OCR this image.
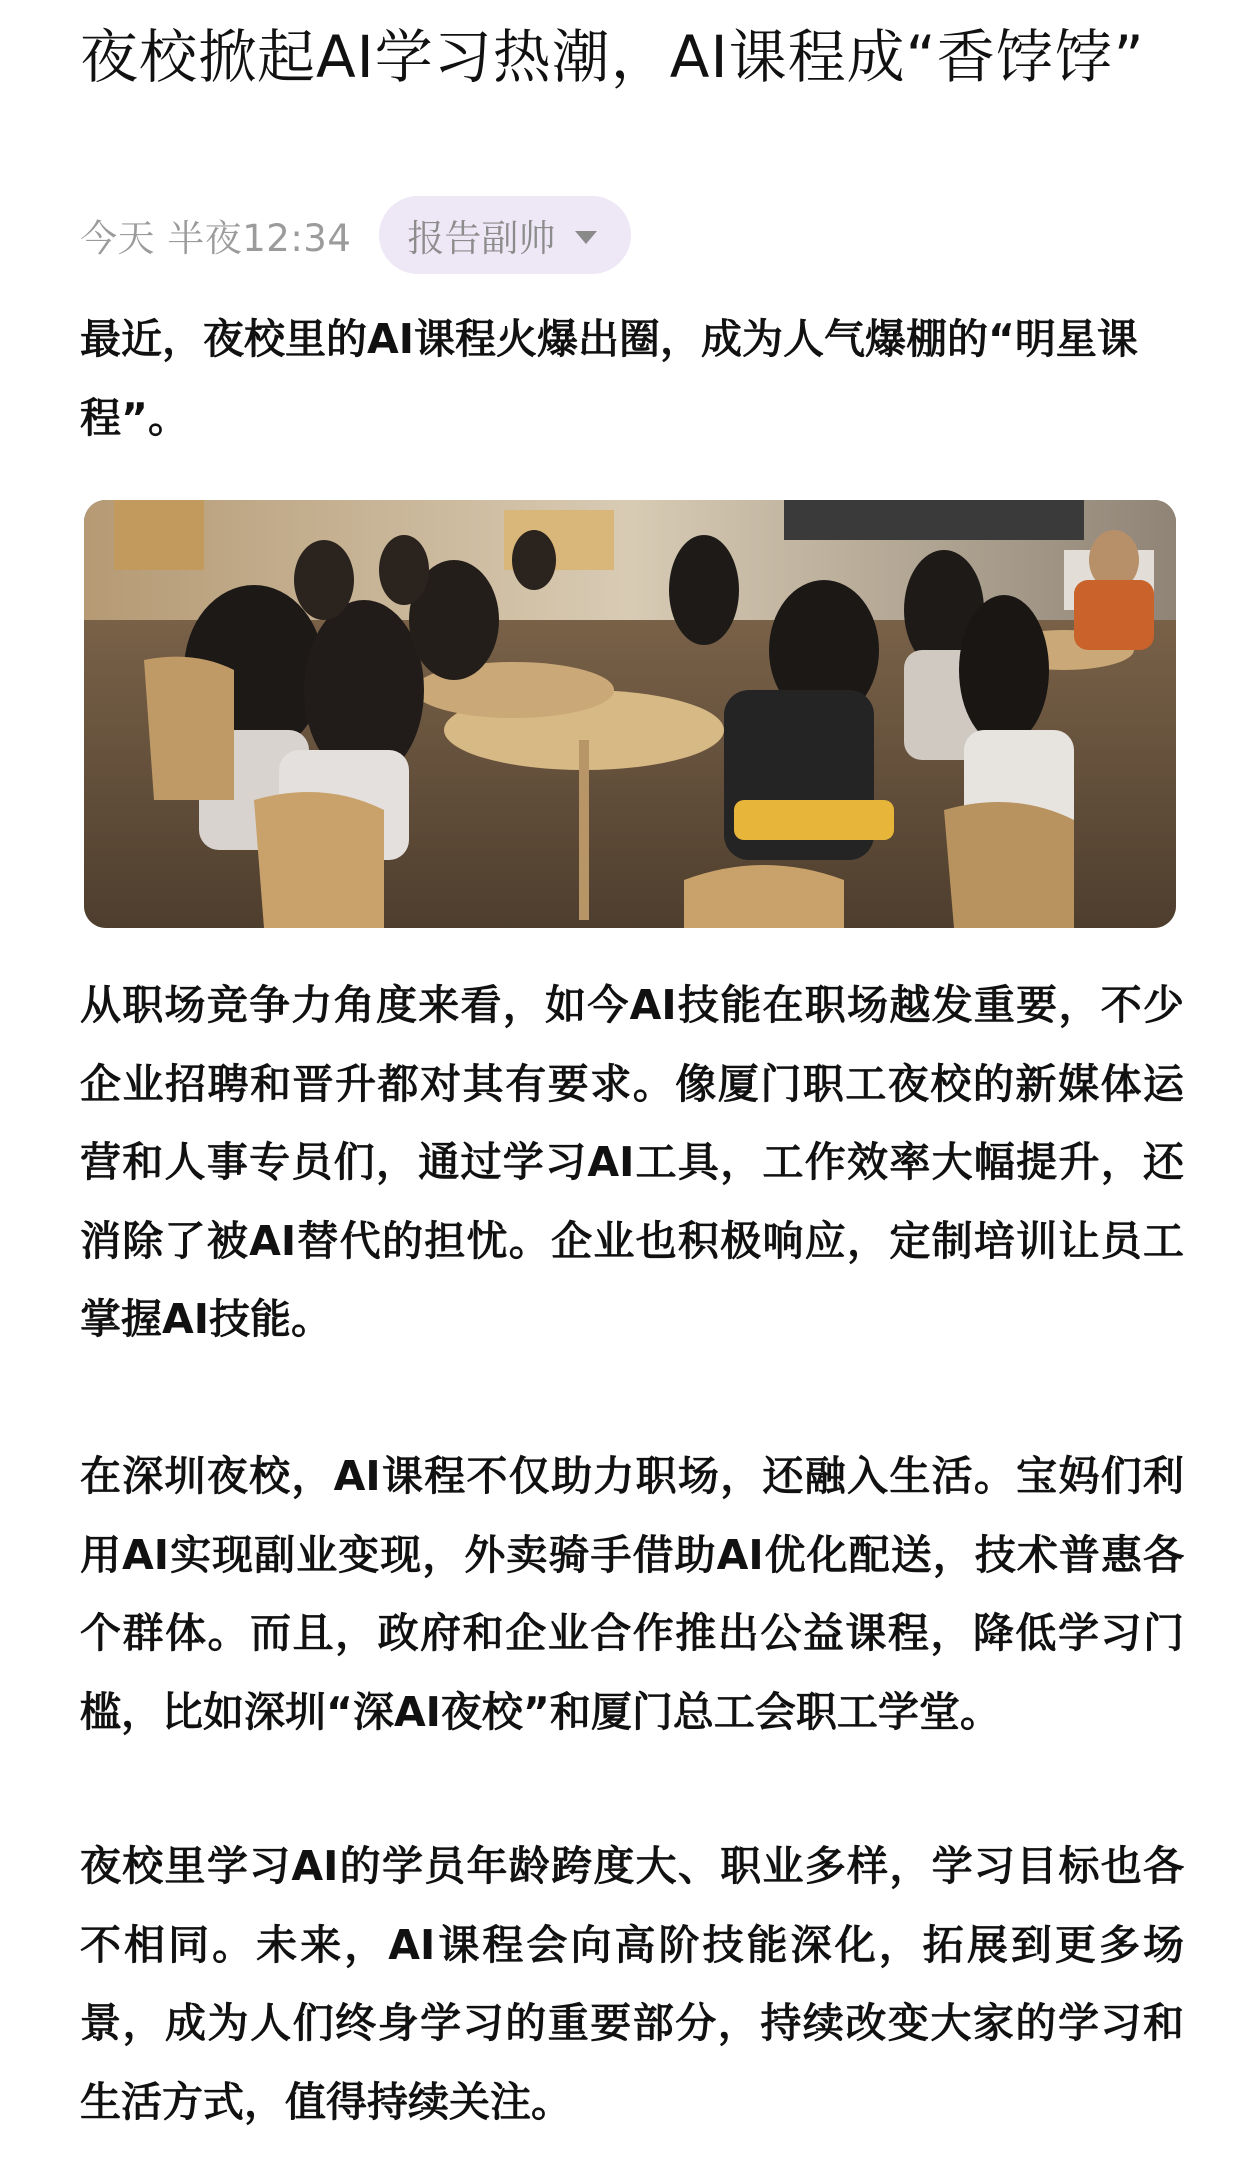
夜校掀起AI学习热潮，AI课程成“香饽饽”
今天 半夜12:34 报告副帅

最近，夜校里的AI课程火爆出圈，成为人气爆棚的“明星课程”。

从职场竞争力角度来看，如今AI技能在职场越发重要，不少企业招聘和晋升都对其有要求。像厦门职工夜校的新媒体运营和人事专员们，通过学习AI工具，工作效率大幅提升，还消除了被AI替代的担忧。企业也积极响应，定制培训让员工掌握AI技能。

在深圳夜校，AI课程不仅助力职场，还融入生活。宝妈们利用AI实现副业变现，外卖骑手借助AI优化配送，技术普惠各个群体。而且，政府和企业合作推出公益课程，降低学习门槛，比如深圳“深AI夜校”和厦门总工会职工学堂。

夜校里学习AI的学员年龄跨度大、职业多样，学习目标也各不相同。未来，AI课程会向高阶技能深化，拓展到更多场景，成为人们终身学习的重要部分，持续改变大家的学习和生活方式，值得持续关注。
